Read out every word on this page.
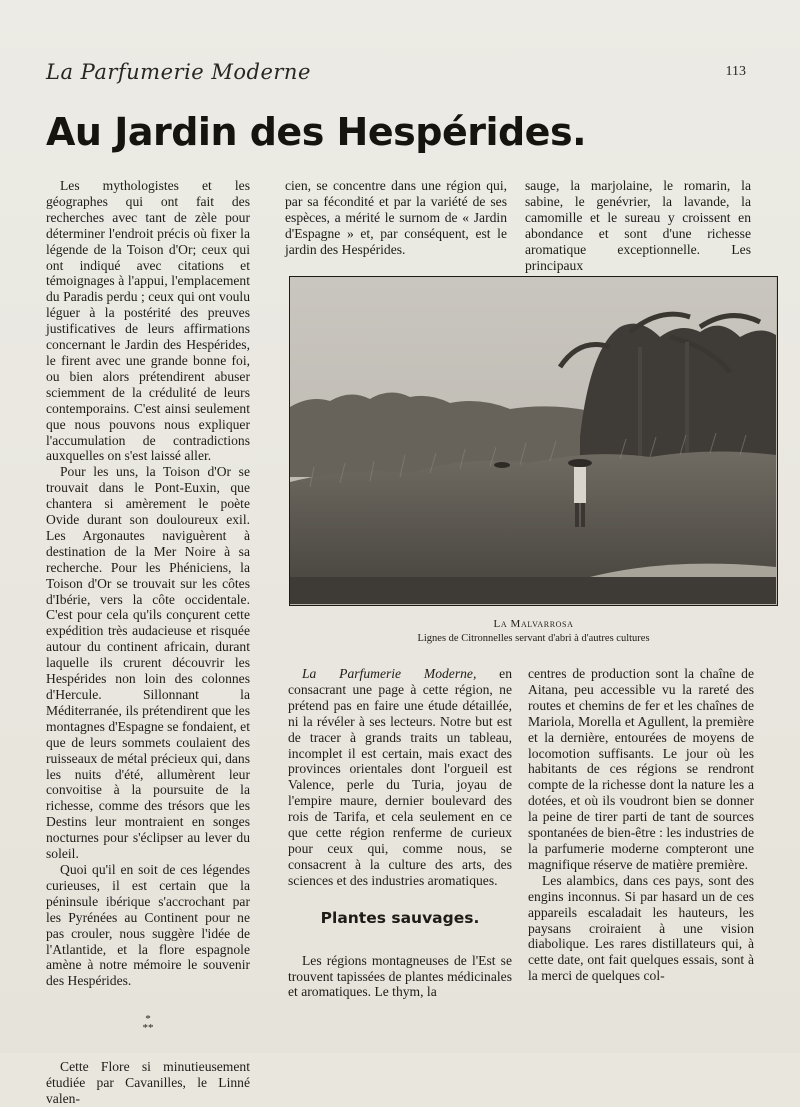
La Parfumerie Moderne	113
Au Jardin des Hespérides.

Les mythologistes et les géographes qui ont fait des recherches avec tant de zèle pour déterminer l'endroit précis où fixer la légende de la Toison d'Or; ceux qui ont indiqué avec citations et témoignages à l'appui, l'emplacement du Paradis perdu ; ceux qui ont voulu léguer à la postérité des preuves justificatives de leurs affirmations concernant le Jardin des Hespérides, le firent avec une grande bonne foi, ou bien alors prétendirent abuser sciemment de la crédulité de leurs contemporains. C'est ainsi seulement que nous pouvons nous expliquer l'accumulation de contradictions auxquelles on s'est laissé aller.

Pour les uns, la Toison d'Or se trouvait dans le Pont-Euxin, que chantera si amèrement le poète Ovide durant son douloureux exil. Les Argonautes naviguèrent à destination de la Mer Noire à sa recherche. Pour les Phéniciens, la Toison d'Or se trouvait sur les côtes d'Ibérie, vers la côte occidentale. C'est pour cela qu'ils conçurent cette expédition très audacieuse et risquée autour du continent africain, durant laquelle ils crurent découvrir les Hespérides non loin des colonnes d'Hercule. Sillonnant la Méditerranée, ils prétendirent que les montagnes d'Espagne se fondaient, et que de leurs sommets coulaient des ruisseaux de métal précieux qui, dans les nuits d'été, allumèrent leur convoitise à la poursuite de la richesse, comme des trésors que les Destins leur montraient en songes nocturnes pour s'éclipser au lever du soleil.

Quoi qu'il en soit de ces légendes curieuses, il est certain que la péninsule ibérique s'accrochant par les Pyrénées au Continent pour ne pas crouler, nous suggère l'idée de l'Atlantide, et la flore espagnole amène à notre mémoire le souvenir des Hespérides.

*
**

Cette Flore si minutieusement étudiée par Cavanilles, le Linné valen-

cien, se concentre dans une région qui, par sa fécondité et par la variété de ses espèces, a mérité le surnom de « Jardin d'Espagne » et, par conséquent, est le jardin des Hespérides.

sauge, la marjolaine, le romarin, la sabine, le genévrier, la lavande, la camomille et le sureau y croissent en abondance et sont d'une richesse aromatique exceptionnelle. Les principaux

La Malvarrosa
Lignes de Citronnelles servant d'abri à d'autres cultures

La Parfumerie Moderne, en consacrant une page à cette région, ne prétend pas en faire une étude détaillée, ni la révéler à ses lecteurs. Notre but est de tracer à grands traits un tableau, incomplet il est certain, mais exact des provinces orientales dont l'orgueil est Valence, perle du Turia, joyau de l'empire maure, dernier boulevard des rois de Tarifa, et cela seulement en ce que cette région renferme de curieux pour ceux qui, comme nous, se consacrent à la culture des arts, des sciences et des industries aromatiques.

Plantes sauvages.

Les régions montagneuses de l'Est se trouvent tapissées de plantes médicinales et aromatiques. Le thym, la

centres de production sont la chaîne de Aitana, peu accessible vu la rareté des routes et chemins de fer et les chaînes de Mariola, Morella et Agullent, la première et la dernière, entourées de moyens de locomotion suffisants. Le jour où les habitants de ces régions se rendront compte de la richesse dont la nature les a dotées, et où ils voudront bien se donner la peine de tirer parti de tant de sources spontanées de bien-être : les industries de la parfumerie moderne compteront une magnifique réserve de matière première.

Les alambics, dans ces pays, sont des engins inconnus. Si par hasard un de ces appareils escaladait les hauteurs, les paysans croiraient à une vision diabolique. Les rares distillateurs qui, à cette date, ont fait quelques essais, sont à la merci de quelques col-
